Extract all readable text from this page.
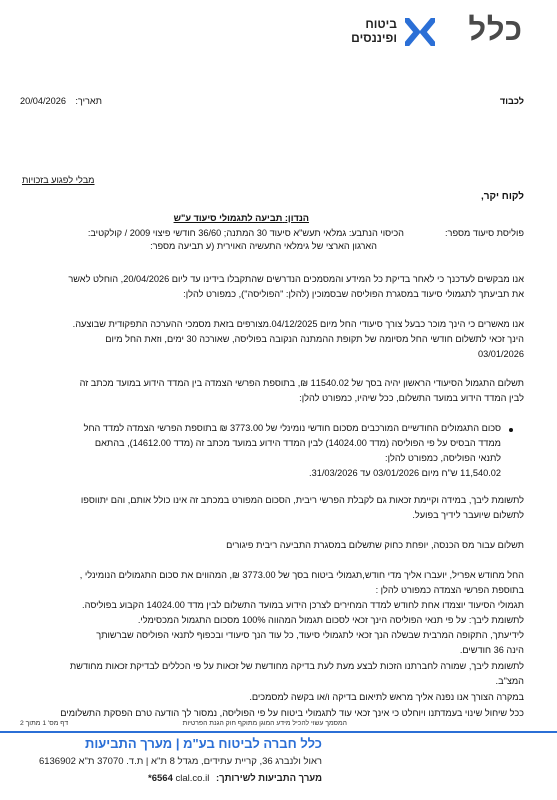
כלל
ביטוח
ופיננסים
לכבוד
תאריך:
20/04/2026
מבלי לפגוע בזכויות
לקוח יקר,
הנדון: תביעה לתגמולי סיעוד ע"ש
פוליסת סיעוד מספר:
הכיסוי הנתבע: גמלאי תעש"א סיעוד 30 המתנה; 36/60 חודשי פיצוי 2009 / קולקטיב:
הארגון הארצי של גימלאי התעשיה האוירית (ע תביעה מספר:
אנו מבקשים לעדכנך כי לאחר בדיקת כל המידע והמסמכים הנדרשים שהתקבלו בידינו עד ליום 20/04/2026, הוחלט לאשר
את תביעתך לתגמולי סיעוד במסגרת הפוליסה שבסמוכין (להלן: "הפוליסה"), כמפורט להלן:
אנו מאשרים כי הינך מוכר כבעל צורך סיעודי החל מיום 04/12/2025.מצורפים בזאת מסמכי ההערכה התפקודית שבוצעה.
הינך זכאי לתשלום חודשי החל מסיומה של תקופת ההמתנה הנקובה בפוליסה, שאורכה 30 ימים, וזאת החל מיום
03/01/2026
תשלום התגמול הסיעודי הראשון יהיה בסך של 11540.02 ₪, בתוספת הפרשי הצמדה בין המדד הידוע במועד מכתב זה
לבין המדד הידוע במועד התשלום, ככל שיהיו, כמפורט להלן:
סכום התגמולים החודשיים המורכבים מסכום חודשי נומינלי של 3773.00 ₪ בתוספת הפרשי הצמדה למדד החל
ממדד הבסיס על פי הפוליסה (מדד 14024.00) לבין המדד הידוע במועד מכתב זה (מדד 14612.00), בהתאם
לתנאי הפוליסה, כמפורט להלן:
11,540.02 ש"ח מיום 03/01/2026 עד 31/03/2026.
לתשומת ליבך, במידה וקיימת זכאות גם לקבלת הפרשי ריבית, הסכום המפורט במכתב זה אינו כולל אותם, והם יתווספו
לתשלום שיועבר לידיך בפועל.
תשלום עבור מס הכנסה, יופחת כחוק שתשלום במסגרת התביעה ריבית פיגורים
החל מחודש אפריל, יועברו אליך מדי חודש,תגמולי ביטוח בסך של 3773.00 ₪, המהווים את סכום התגמולים הנומינלי ,
בתוספת הפרשי הצמדה כמפורט להלן :
תגמולי הסיעוד יוצמדו אחת לחודש למדד המחירים לצרכן הידוע במועד התשלום לבין מדד 14024.00 הקבוע בפוליסה.
לתשומת ליבך: על פי תנאי הפוליסה הינך זכאי לסכום תגמול המהווה 100% מסכום התגמול המכסימלי.
לידיעתך, התקופה המרבית שבשלה הנך זכאי לתגמולי סיעוד, כל עוד הנך סיעודי ובכפוף לתנאי הפוליסה שברשותך
הינה 36 חודשים.
לתשומת ליבך, שמורה לחברתנו הזכות לבצע מעת לעת בדיקה מחודשת של זכאות על פי הכללים לבדיקת זכאות מחודשת
המצ"ב.
במקרה הצורך אנו נפנה אליך מראש לתיאום בדיקה ו/או בקשה למסמכים.
ככל שיחול שינוי בעמדתנו ויוחלט כי אינך זכאי עוד לתגמולי ביטוח על פי הפוליסה, נמסור לך הודעה טרם הפסקת התשלומים
דף מס' 1 מתוך 2	המסמך עשוי להכיל מידע המוגן מתוקף חוק הגנת הפרטיות
כלל חברה לביטוח בע"מ | מערך התביעות
ראול ולנברג 36, קריית עתידים, מגדל 8 ת"א | ת.ד. 37070 ת"א 6136902
מערך התביעות לשירותך: *6564 clal.co.il
